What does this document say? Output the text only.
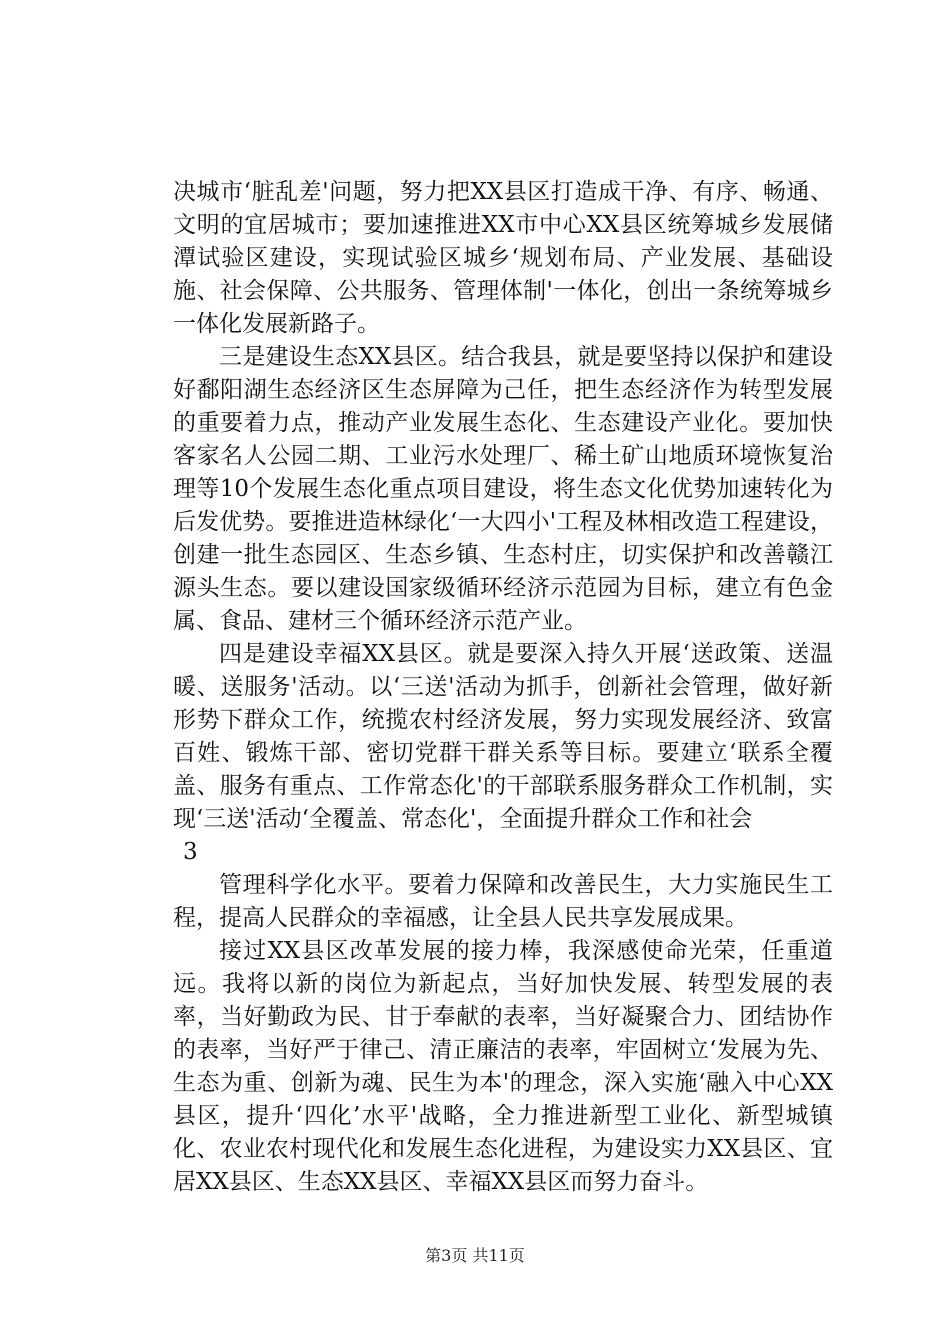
决城市‘脏乱差'问题，努力把XX县区打造成干净、有序、畅通、文明的宜居城市；要加速推进XX市中心XX县区统筹城乡发展储潭试验区建设，实现试验区城乡‘规划布局、产业发展、基础设施、社会保障、公共服务、管理体制'一体化，创出一条统筹城乡一体化发展新路子。

三是建设生态XX县区。结合我县，就是要坚持以保护和建设好鄱阳湖生态经济区生态屏障为己任，把生态经济作为转型发展的重要着力点，推动产业发展生态化、生态建设产业化。要加快客家名人公园二期、工业污水处理厂、稀土矿山地质环境恢复治理等10个发展生态化重点项目建设，将生态文化优势加速转化为后发优势。要推进造林绿化‘一大四小'工程及林相改造工程建设，创建一批生态园区、生态乡镇、生态村庄，切实保护和改善赣江源头生态。要以建设国家级循环经济示范园为目标，建立有色金属、食品、建材三个循环经济示范产业。

四是建设幸福XX县区。就是要深入持久开展‘送政策、送温暖、送服务'活动。以‘三送'活动为抓手，创新社会管理，做好新形势下群众工作，统揽农村经济发展，努力实现发展经济、致富百姓、锻炼干部、密切党群干群关系等目标。要建立‘联系全覆盖、服务有重点、工作常态化'的干部联系服务群众工作机制，实现‘三送'活动‘全覆盖、常态化'，全面提升群众工作和社会

3

管理科学化水平。要着力保障和改善民生，大力实施民生工程，提高人民群众的幸福感，让全县人民共享发展成果。

接过XX县区改革发展的接力棒，我深感使命光荣，任重道远。我将以新的岗位为新起点，当好加快发展、转型发展的表率，当好勤政为民、甘于奉献的表率，当好凝聚合力、团结协作的表率，当好严于律己、清正廉洁的表率，牢固树立‘发展为先、生态为重、创新为魂、民生为本'的理念，深入实施‘融入中心XX县区，提升‘四化’水平'战略，全力推进新型工业化、新型城镇化、农业农村现代化和发展生态化进程，为建设实力XX县区、宜居XX县区、生态XX县区、幸福XX县区而努力奋斗。

第3页 共11页
